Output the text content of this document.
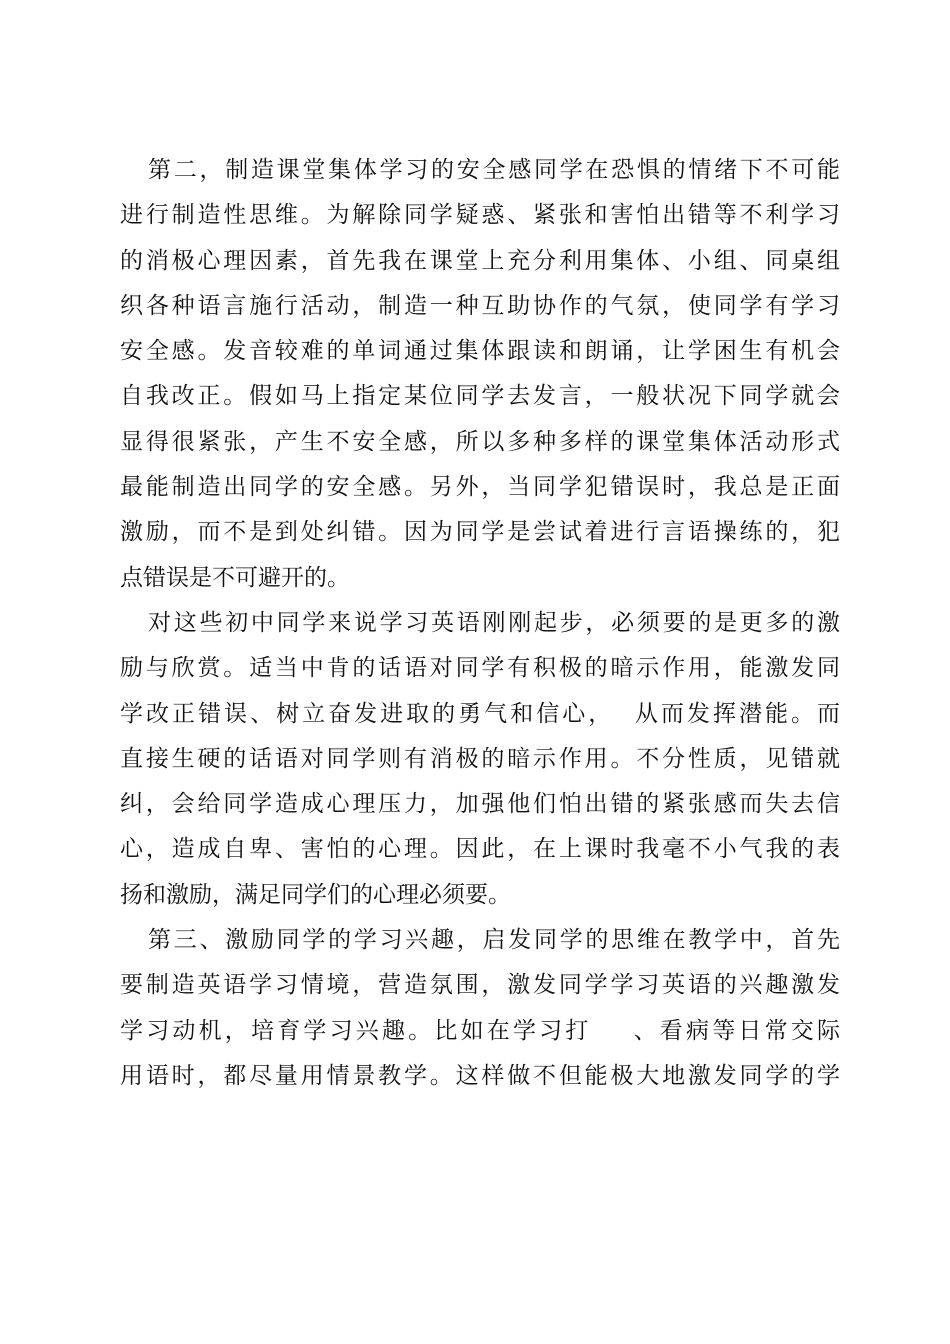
第二，制造课堂集体学习的安全感同学在恐惧的情绪下不可能
进行制造性思维。为解除同学疑惑、紧张和害怕出错等不利学习
的消极心理因素，首先我在课堂上充分利用集体、小组、同桌组
织各种语言施行活动，制造一种互助协作的气氛，使同学有学习
安全感。发音较难的单词通过集体跟读和朗诵，让学困生有机会
自我改正。假如马上指定某位同学去发言，一般状况下同学就会
显得很紧张，产生不安全感，所以多种多样的课堂集体活动形式
最能制造出同学的安全感。另外，当同学犯错误时，我总是正面
激励，而不是到处纠错。因为同学是尝试着进行言语操练的，犯
点错误是不可避开的。
对这些初中同学来说学习英语刚刚起步，必须要的是更多的激
励与欣赏。适当中肯的话语对同学有积极的暗示作用，能激发同
学改正错误、树立奋发进取的勇气和信心，  从而发挥潜能。而
直接生硬的话语对同学则有消极的暗示作用。不分性质，见错就
纠，会给同学造成心理压力，加强他们怕出错的紧张感而失去信
心，造成自卑、害怕的心理。因此，在上课时我毫不小气我的表
扬和激励，满足同学们的心理必须要。
第三、激励同学的学习兴趣，启发同学的思维在教学中，首先
要制造英语学习情境，营造氛围，激发同学学习英语的兴趣激发
学习动机，培育学习兴趣。比如在学习打    、看病等日常交际
用语时，都尽量用情景教学。这样做不但能极大地激发同学的学
